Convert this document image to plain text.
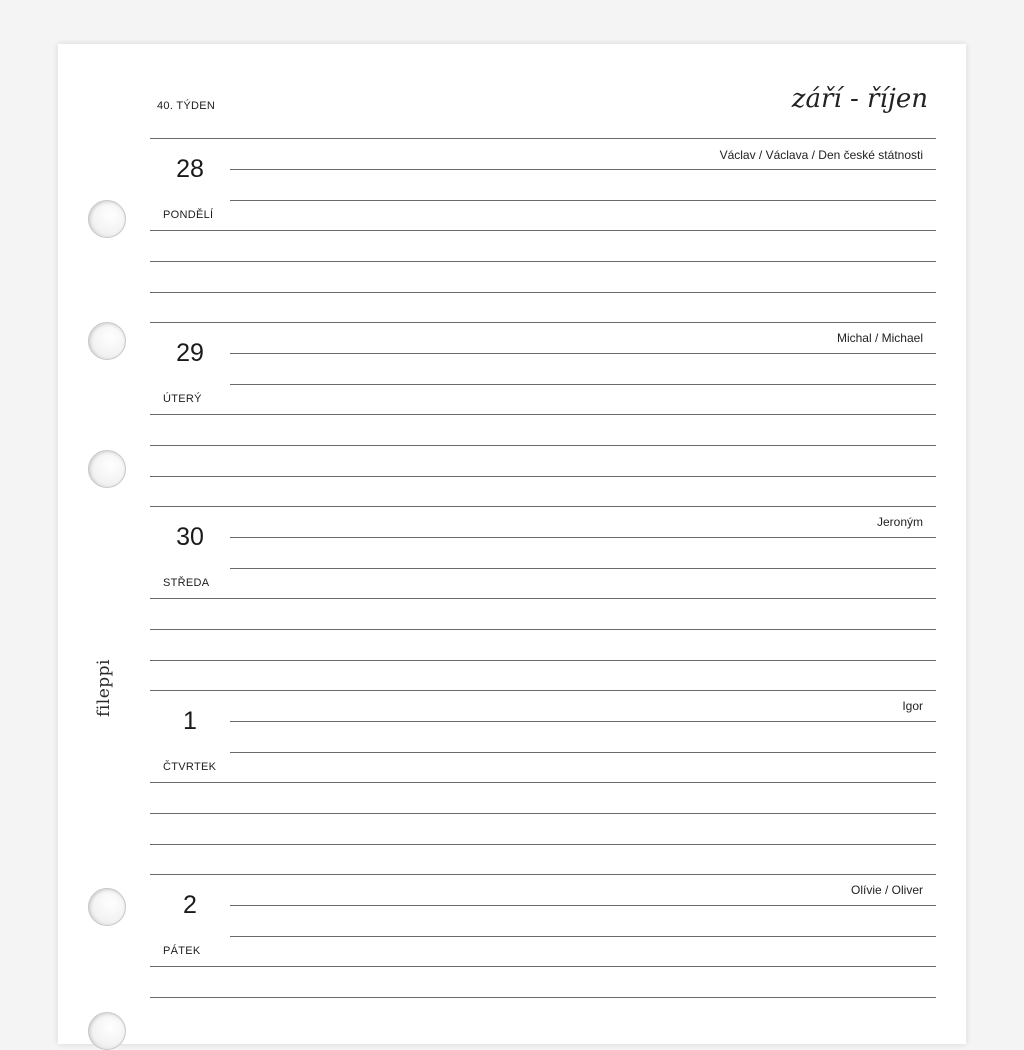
fileppi
40. TÝDEN	září - říjen
28
PONDĚLÍ
Václav / Václava / Den české státnosti
29
ÚTERÝ
Michal / Michael
30
STŘEDA
Jeroným
1
ČTVRTEK
Igor
2
PÁTEK
Olívie / Oliver
